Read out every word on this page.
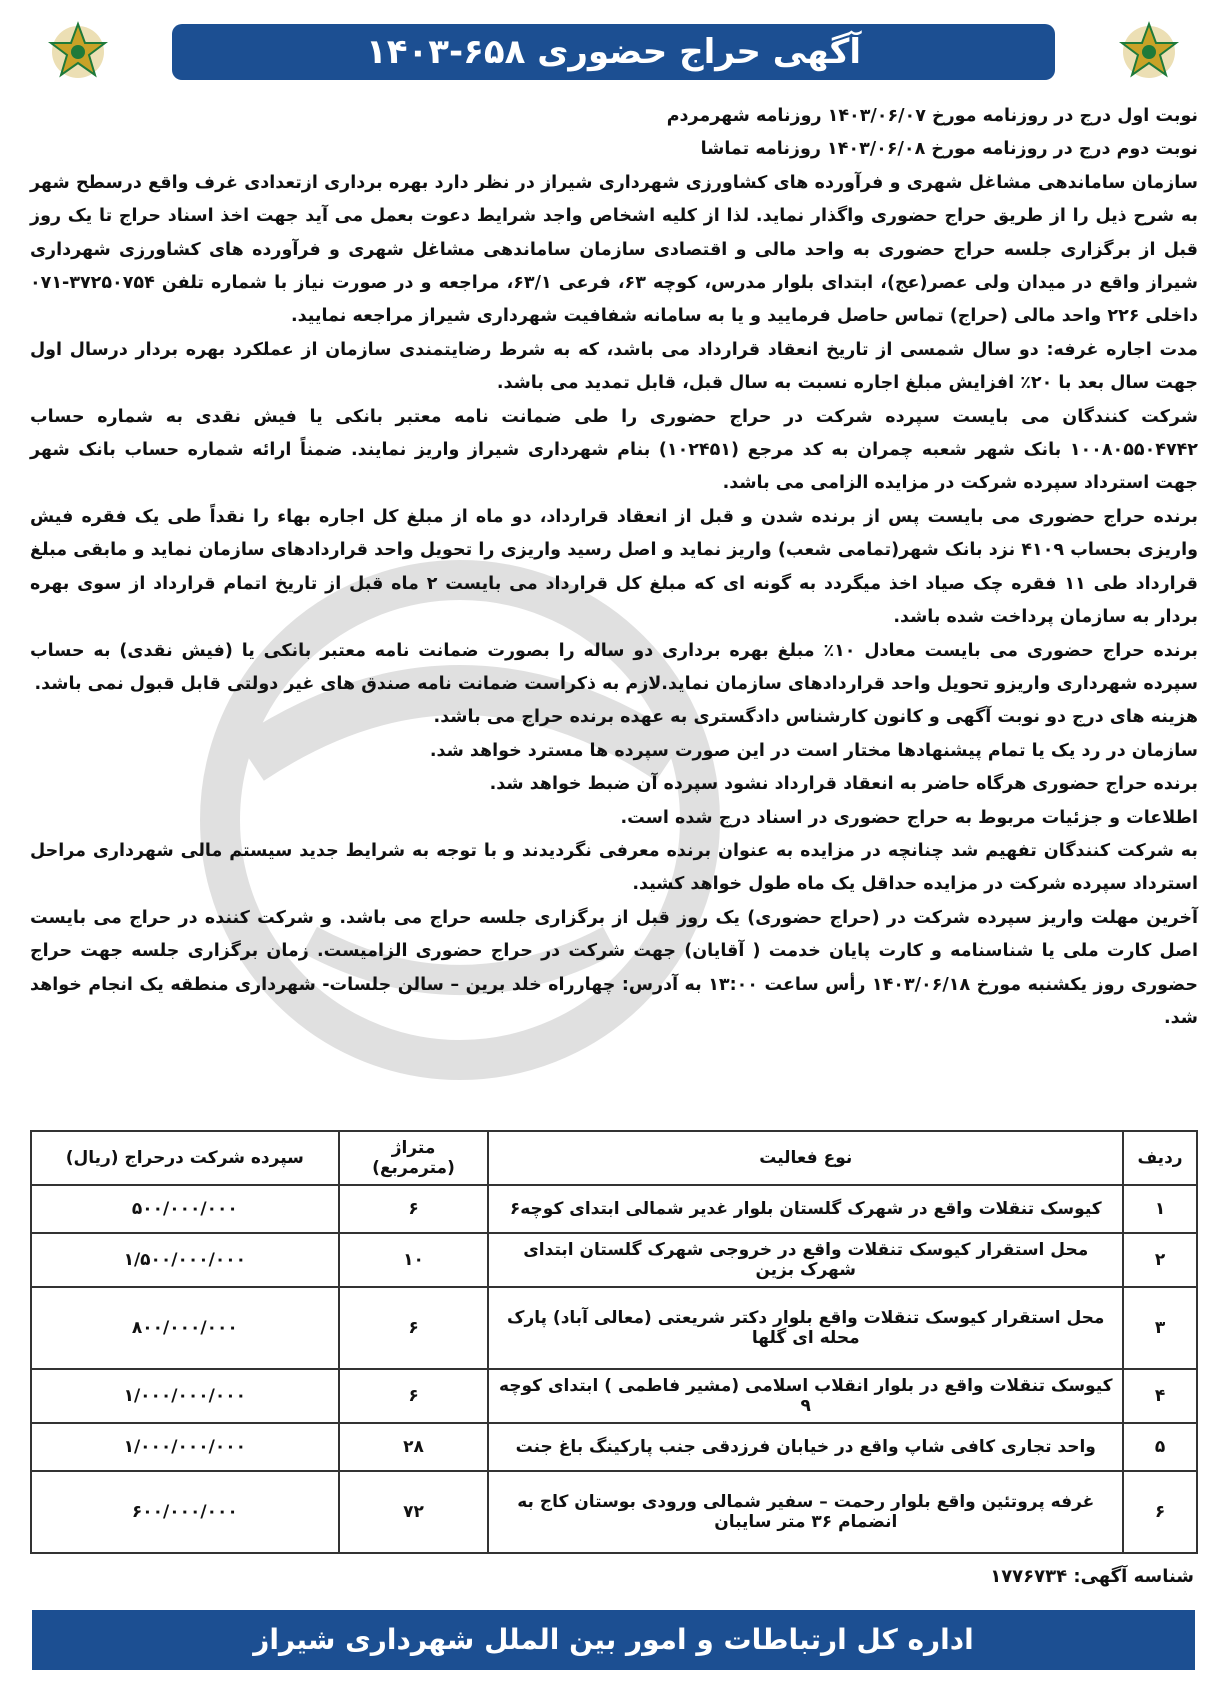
آگهی حراج حضوری ۶۵۸-۱۴۰۳

نوبت اول درج در روزنامه مورخ ۱۴۰۳/۰۶/۰۷ روزنامه شهرمردم

نوبت دوم درج در روزنامه مورخ ۱۴۰۳/۰۶/۰۸ روزنامه تماشا

سازمان ساماندهی مشاغل شهری و فرآورده های کشاورزی شهرداری شیراز در نظر دارد بهره برداری ازتعدادی غرف واقع درسطح شهر به شرح ذیل را از طریق حراج حضوری واگذار نماید. لذا از کلیه اشخاص واجد شرایط دعوت بعمل می آید جهت اخذ اسناد حراج تا یک روز قبل از برگزاری جلسه حراج حضوری به واحد مالی و اقتصادی سازمان ساماندهی مشاغل شهری و فرآورده های کشاورزی شهرداری شیراز واقع در میدان ولی عصر(عج)، ابتدای بلوار مدرس، کوچه ۶۳، فرعی ۶۳/۱، مراجعه و در صورت نیاز با شماره تلفن ۳۷۲۵۰۷۵۴-۰۷۱ داخلی ۲۲۶ واحد مالی (حراج) تماس حاصل فرمایید و یا به سامانه شفافیت شهرداری شیراز مراجعه نمایید.

مدت اجاره غرفه: دو سال شمسی از تاریخ انعقاد قرارداد می باشد، که به شرط رضایتمندی سازمان از عملکرد بهره بردار درسال اول جهت سال بعد با ۲۰٪ افزایش مبلغ اجاره نسبت به سال قبل، قابل تمدید می باشد.

شرکت کنندگان می بایست سپرده شرکت در حراج حضوری را طی ضمانت نامه معتبر بانکی یا فیش نقدی به شماره حساب ۱۰۰۸۰۵۵۰۴۷۴۲ بانک شهر شعبه چمران به کد مرجع (۱۰۲۴۵۱) بنام شهرداری شیراز واریز نمایند. ضمناً ارائه شماره حساب بانک شهر جهت استرداد سپرده شرکت در مزایده الزامی می باشد.

برنده حراج حضوری می بایست پس از برنده شدن و قبل از انعقاد قرارداد، دو ماه از مبلغ کل اجاره بهاء را نقداً طی یک فقره فیش واریزی بحساب ۴۱۰۹ نزد بانک شهر(تمامی شعب) واریز نماید و اصل رسید واریزی را تحویل واحد قراردادهای سازمان نماید و مابقی مبلغ قرارداد طی ۱۱ فقره چک صیاد اخذ میگردد به گونه ای که مبلغ کل قرارداد می بایست ۲ ماه قبل از تاریخ اتمام قرارداد از سوی بهره بردار به سازمان پرداخت شده باشد.

برنده حراج حضوری می بایست معادل ۱۰٪ مبلغ بهره برداری دو ساله را بصورت ضمانت نامه معتبر بانکی یا (فیش نقدی) به حساب سپرده شهرداری واریزو تحویل واحد قراردادهای سازمان نماید.لازم به ذکراست ضمانت نامه صندق های غیر دولتی قابل قبول نمی باشد.

هزینه های درج دو نوبت آگهی و کانون کارشناس دادگستری به عهده برنده حراج می باشد.

سازمان در رد یک یا تمام پیشنهادها مختار است در این صورت سپرده ها مسترد خواهد شد.

برنده حراج حضوری هرگاه حاضر به انعقاد قرارداد نشود سپرده آن ضبط خواهد شد.

اطلاعات و جزئیات مربوط به حراج حضوری در اسناد درج شده است.

به شرکت کنندگان تفهیم شد چنانچه در مزایده به عنوان برنده معرفی نگردیدند و با توجه به شرایط جدید سیستم مالی شهرداری مراحل استرداد سپرده شرکت در مزایده حداقل یک ماه طول خواهد کشید.

آخرین مهلت واریز سپرده شرکت در (حراج حضوری) یک روز قبل از برگزاری جلسه حراج می باشد. و شرکت کننده در حراج می بایست اصل کارت ملی یا شناسنامه و کارت پایان خدمت ( آقایان) جهت شرکت در حراج حضوری الزامیست. زمان برگزاری جلسه جهت حراج حضوری روز یکشنبه مورخ ۱۴۰۳/۰۶/۱۸ رأس ساعت ۱۳:۰۰ به آدرس: چهارراه خلد برین – سالن جلسات- شهرداری منطقه یک انجام خواهد شد.

ردیف	نوع فعالیت	متراژ (مترمربع)	سپرده شرکت درحراج (ریال)
۱	کیوسک تنقلات واقع در شهرک گلستان بلوار غدیر شمالی ابتدای کوچه۶	۶	۵۰۰/۰۰۰/۰۰۰
۲	محل استقرار کیوسک تنقلات واقع در خروجی شهرک گلستان ابتدای شهرک بزین	۱۰	۱/۵۰۰/۰۰۰/۰۰۰
۳	محل استقرار کیوسک تنقلات واقع بلوار دکتر شریعتی (معالی آباد) پارک محله ای گلها	۶	۸۰۰/۰۰۰/۰۰۰
۴	کیوسک تنقلات واقع در بلوار انقلاب اسلامی (مشیر فاطمی ) ابتدای کوچه ۹	۶	۱/۰۰۰/۰۰۰/۰۰۰
۵	واحد تجاری کافی شاپ واقع در خیابان فرزدقی جنب پارکینگ باغ جنت	۲۸	۱/۰۰۰/۰۰۰/۰۰۰
۶	غرفه پروتئین واقع بلوار رحمت – سفیر شمالی ورودی بوستان کاج به انضمام ۳۶ متر سایبان	۷۲	۶۰۰/۰۰۰/۰۰۰
شناسه آگهی: ۱۷۷۶۷۳۴
اداره کل ارتباطات و امور بین الملل شهرداری شیراز
